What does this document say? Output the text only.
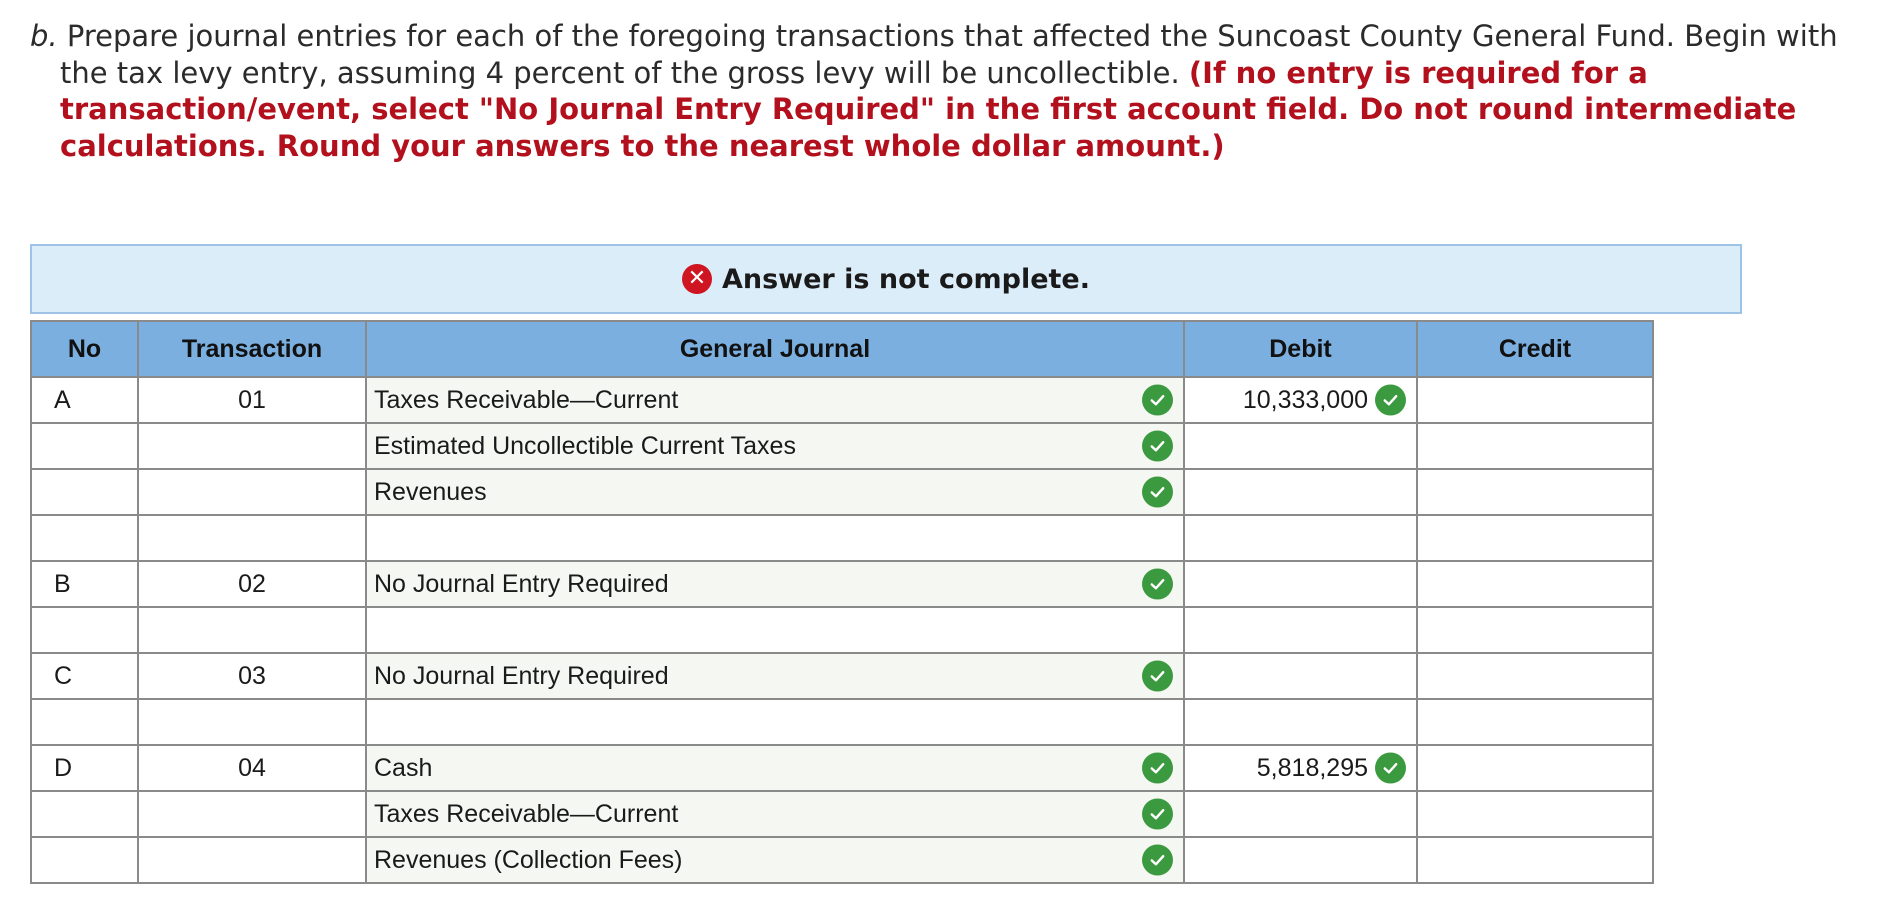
b. Prepare journal entries for each of the foregoing transactions that affected the Suncoast County General Fund. Begin with the tax levy entry, assuming 4 percent of the gross levy will be uncollectible. (If no entry is required for a transaction/event, select "No Journal Entry Required" in the first account field. Do not round intermediate calculations. Round your answers to the nearest whole dollar amount.)
✕ Answer is not complete.
No	Transaction	General Journal	Debit	Credit
A	01	Taxes Receivable—Current	10,333,000

		Estimated Uncollectible Current Taxes

		Revenues

B	02	No Journal Entry Required

C	03	No Journal Entry Required

D	04	Cash	5,818,295

		Taxes Receivable—Current

		Revenues (Collection Fees)
